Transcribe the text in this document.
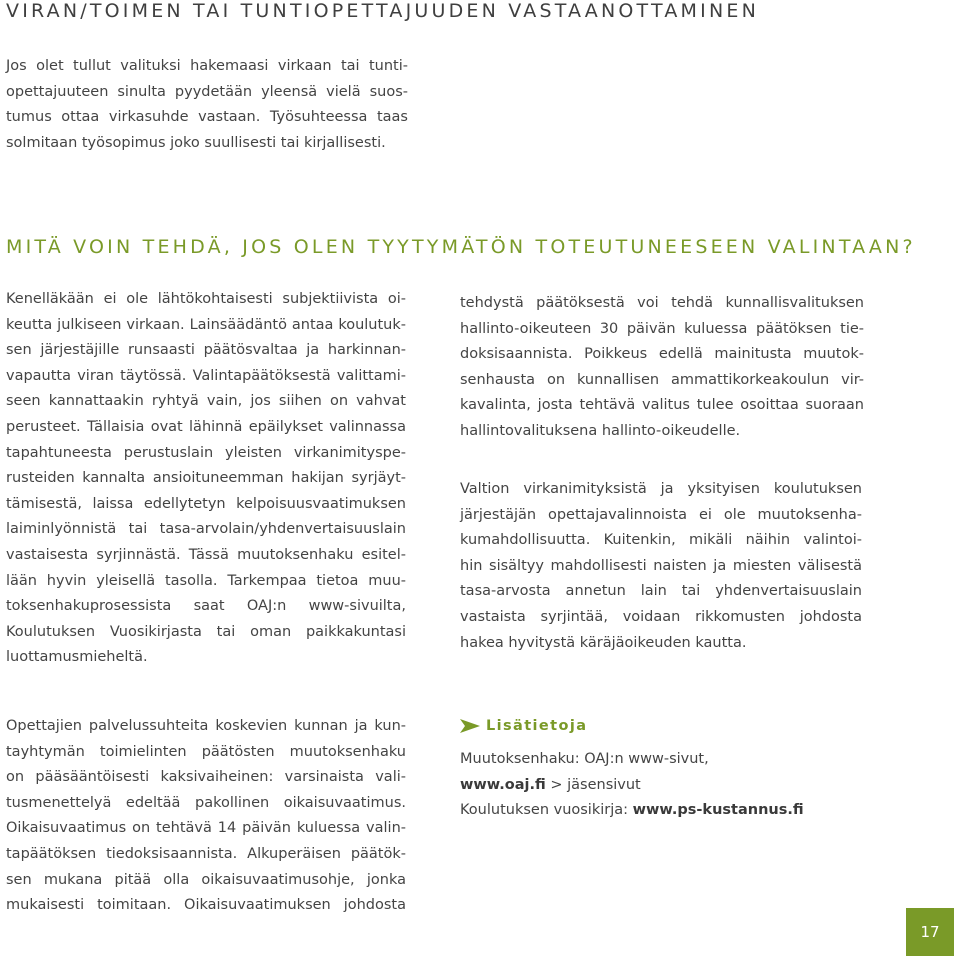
VIRAN/TOIMEN TAI TUNTIOPETTAJUUDEN VASTAANOTTAMINEN
Jos olet tullut valituksi hakemaasi virkaan tai tunti-
opettajuuteen sinulta pyydetään yleensä vielä suos-
tumus ottaa virkasuhde vastaan. Työsuhteessa taas
solmitaan työsopimus joko suullisesti tai kirjallisesti.
MITÄ VOIN TEHDÄ, JOS OLEN TYYTYMÄTÖN TOTEUTUNEESEEN VALINTAAN?
Kenelläkään ei ole lähtökohtaisesti subjektiivista oi-
keutta julkiseen virkaan. Lainsäädäntö antaa koulutuk-
sen järjestäjille runsaasti päätösvaltaa ja harkinnan-
vapautta viran täytössä. Valintapäätöksestä valittami-
seen kannattaakin ryhtyä vain, jos siihen on vahvat
perusteet. Tällaisia ovat lähinnä epäilykset valinnassa
tapahtuneesta perustuslain yleisten virkanimityspe-
rusteiden kannalta ansioituneemman hakijan syrjäyt-
tämisestä, laissa edellytetyn kelpoisuusvaatimuksen
laiminlyönnistä tai tasa-arvolain/yhdenvertaisuuslain
vastaisesta syrjinnästä. Tässä muutoksenhaku esitel-
lään hyvin yleisellä tasolla. Tarkempaa tietoa muu-
toksenhakuprosessista saat OAJ:n www-sivuilta,
Koulutuksen Vuosikirjasta tai oman paikkakuntasi
luottamusmieheltä.
Opettajien palvelussuhteita koskevien kunnan ja kun-
tayhtymän toimielinten päätösten muutoksenhaku
on pääsääntöisesti kaksivaiheinen: varsinaista vali-
tusmenettelyä edeltää pakollinen oikaisuvaatimus.
Oikaisuvaatimus on tehtävä 14 päivän kuluessa valin-
tapäätöksen tiedoksisaannista. Alkuperäisen päätök-
sen mukana pitää olla oikaisuvaatimusohje, jonka
mukaisesti toimitaan. Oikaisuvaatimuksen johdosta
tehdystä päätöksestä voi tehdä kunnallisvalituksen
hallinto-oikeuteen 30 päivän kuluessa päätöksen tie-
doksisaannista. Poikkeus edellä mainitusta muutok-
senhausta on kunnallisen ammattikorkeakoulun vir-
kavalinta, josta tehtävä valitus tulee osoittaa suoraan
hallintovalituksena hallinto-oikeudelle.
Valtion virkanimityksistä ja yksityisen koulutuksen
järjestäjän opettajavalinnoista ei ole muutoksenha-
kumahdollisuutta. Kuitenkin, mikäli näihin valintoi-
hin sisältyy mahdollisesti naisten ja miesten välisestä
tasa-arvosta annetun lain tai yhdenvertaisuuslain
vastaista syrjintää, voidaan rikkomusten johdosta
hakea hyvitystä käräjäoikeuden kautta.
Lisätietoja
Muutoksenhaku: OAJ:n www-sivut,
www.oaj.fi > jäsensivut
Koulutuksen vuosikirja: www.ps-kustannus.fi
17
